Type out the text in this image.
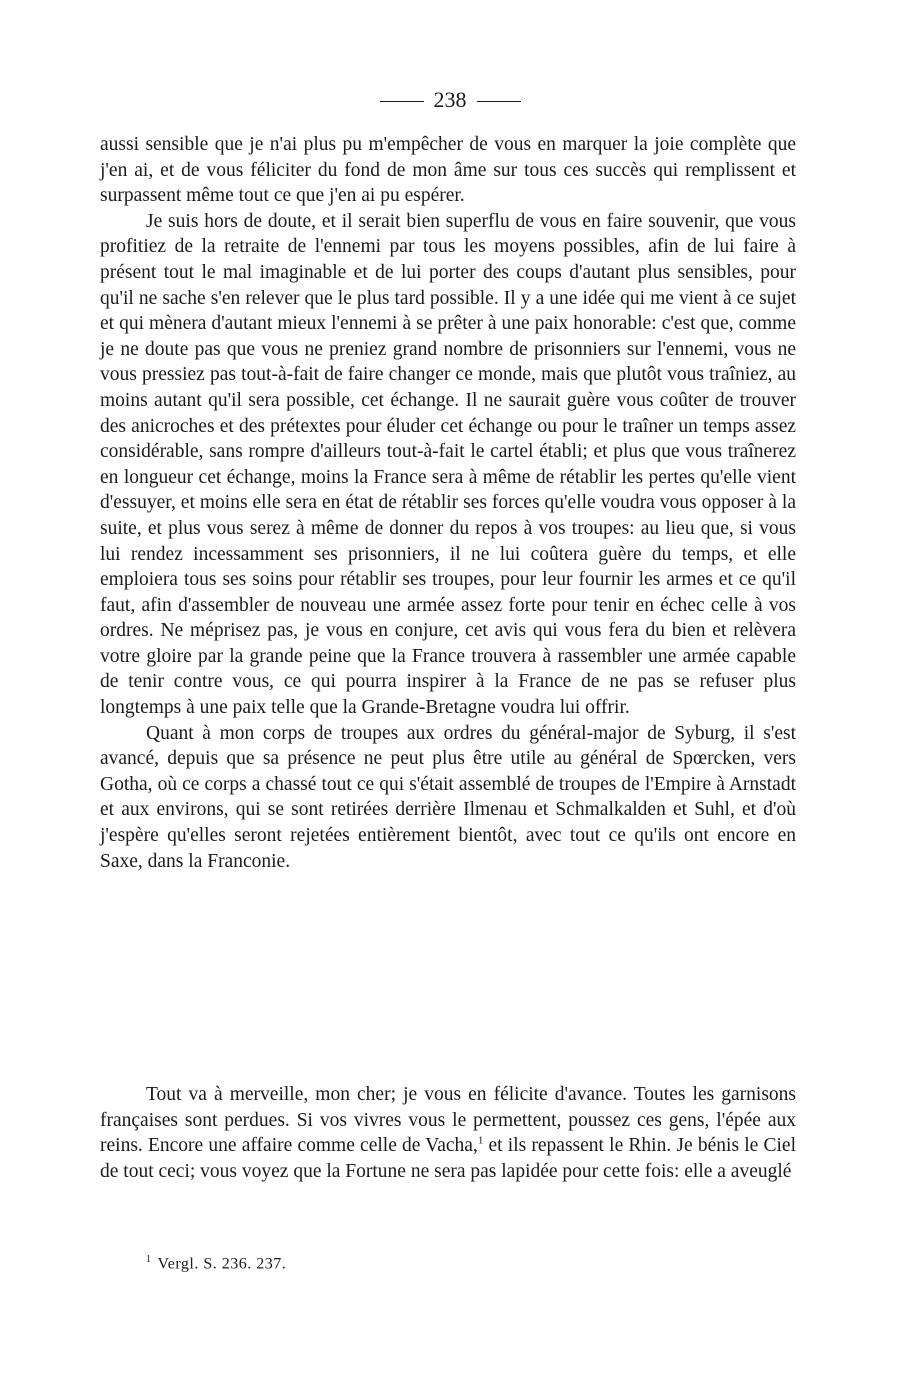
238

aussi sensible que je n'ai plus pu m'empêcher de vous en marquer la joie complète que j'en ai, et de vous féliciter du fond de mon âme sur tous ces succès qui remplissent et surpassent même tout ce que j'en ai pu espérer.

Je suis hors de doute, et il serait bien superflu de vous en faire souvenir, que vous profitiez de la retraite de l'ennemi par tous les moyens possibles, afin de lui faire à présent tout le mal imaginable et de lui porter des coups d'autant plus sensibles, pour qu'il ne sache s'en relever que le plus tard possible. Il y a une idée qui me vient à ce sujet et qui mènera d'autant mieux l'ennemi à se prêter à une paix honorable: c'est que, comme je ne doute pas que vous ne preniez grand nombre de prisonniers sur l'ennemi, vous ne vous pressiez pas tout-à-fait de faire changer ce monde, mais que plutôt vous traîniez, au moins autant qu'il sera possible, cet échange. Il ne saurait guère vous coûter de trouver des anicroches et des prétextes pour éluder cet échange ou pour le traîner un temps assez considérable, sans rompre d'ailleurs tout-à-fait le cartel établi; et plus que vous traînerez en longueur cet échange, moins la France sera à même de rétablir les pertes qu'elle vient d'essuyer, et moins elle sera en état de rétablir ses forces qu'elle voudra vous opposer à la suite, et plus vous serez à même de donner du repos à vos troupes: au lieu que, si vous lui rendez incessamment ses prisonniers, il ne lui coûtera guère du temps, et elle emploiera tous ses soins pour rétablir ses troupes, pour leur fournir les armes et ce qu'il faut, afin d'assembler de nouveau une armée assez forte pour tenir en échec celle à vos ordres. Ne méprisez pas, je vous en conjure, cet avis qui vous fera du bien et relèvera votre gloire par la grande peine que la France trouvera à rassembler une armée capable de tenir contre vous, ce qui pourra inspirer à la France de ne pas se refuser plus longtemps à une paix telle que la Grande-Bretagne voudra lui offrir.

Quant à mon corps de troupes aux ordres du général-major de Syburg, il s'est avancé, depuis que sa présence ne peut plus être utile au général de Spœrcken, vers Gotha, où ce corps a chassé tout ce qui s'était assemblé de troupes de l'Empire à Arnstadt et aux environs, qui se sont retirées derrière Ilmenau et Schmalkalden et Suhl, et d'où j'espère qu'elles seront rejetées entièrement bientôt, avec tout ce qu'ils ont encore en Saxe, dans la Franconie.

Tout va à merveille, mon cher; je vous en félicite d'avance. Toutes les garnisons françaises sont perdues. Si vos vivres vous le permettent, poussez ces gens, l'épée aux reins. Encore une affaire comme celle de Vacha,$^1$ et ils repassent le Rhin. Je bénis le Ciel de tout ceci; vous voyez que la Fortune ne sera pas lapidée pour cette fois: elle a aveuglé

$^1$ Vergl. S. 236. 237.
